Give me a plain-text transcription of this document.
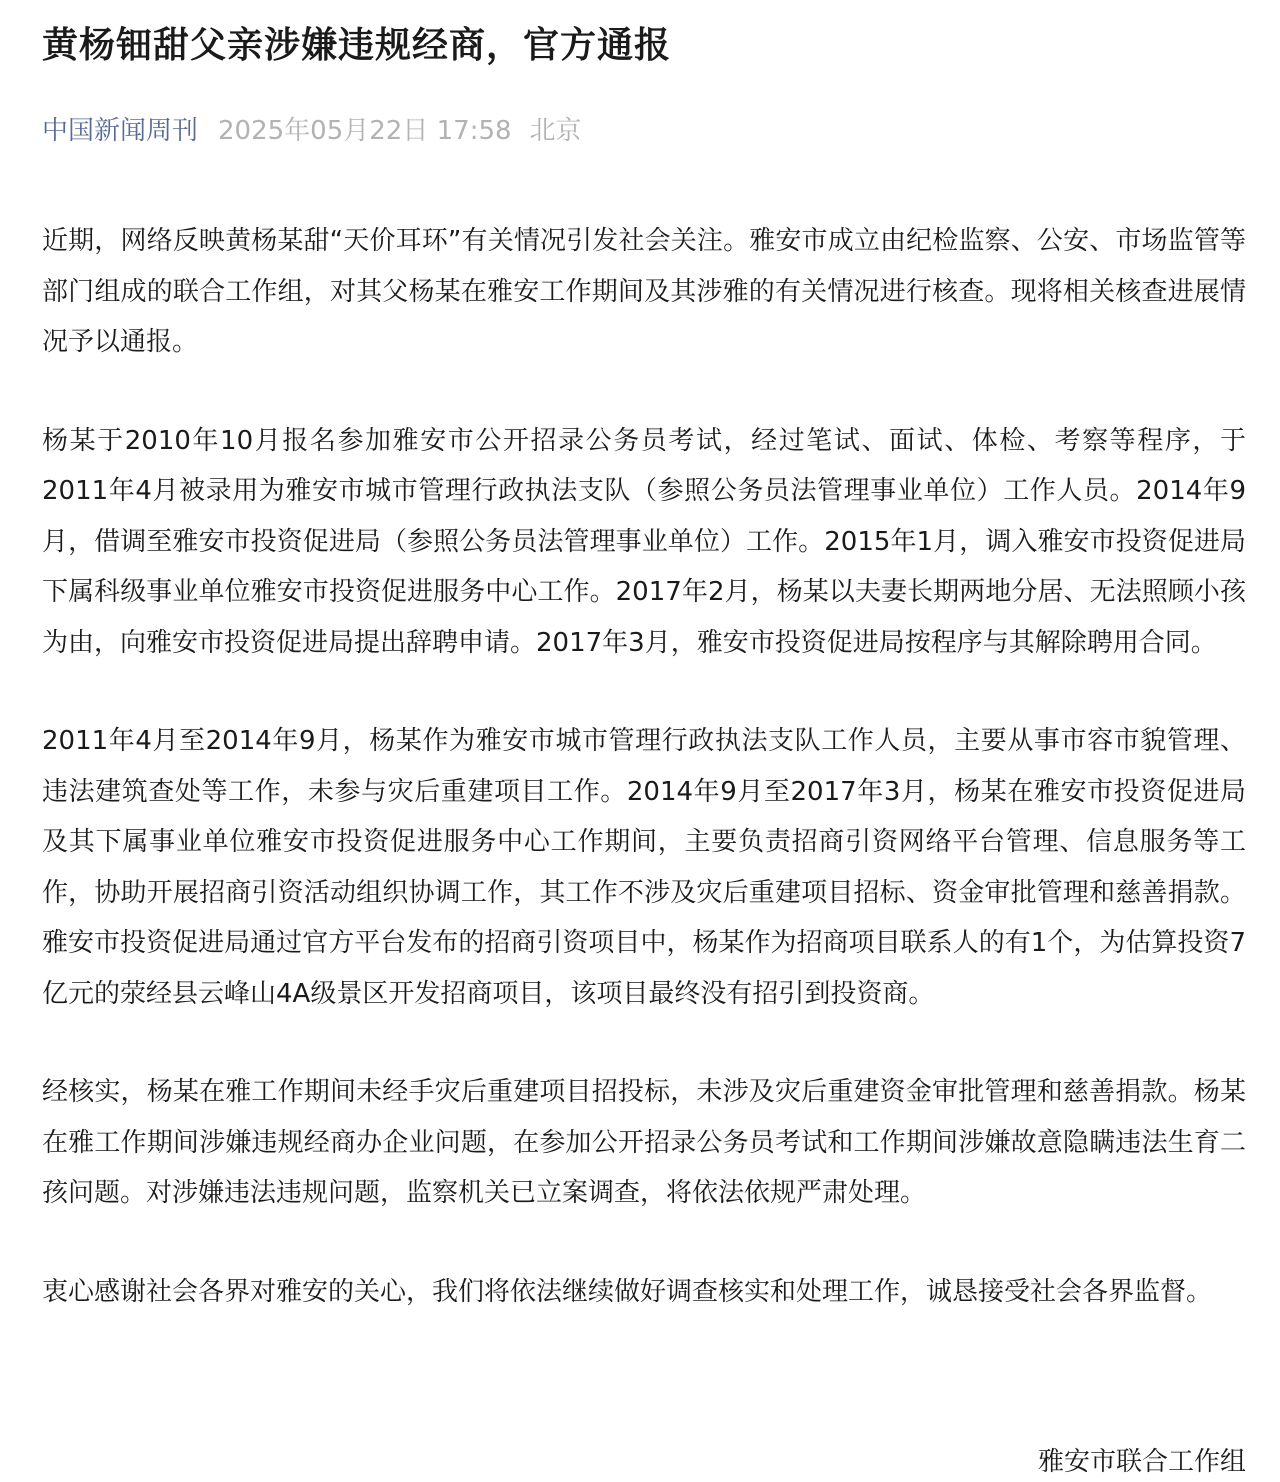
黄杨钿甜父亲涉嫌违规经商，官方通报
中国新闻周刊 2025年05月22日 17:58 北京

近期，网络反映黄杨某甜“天价耳环”有关情况引发社会关注。雅安市成立由纪检监察、公安、市场监管等部门组成的联合工作组，对其父杨某在雅安工作期间及其涉雅的有关情况进行核查。现将相关核查进展情况予以通报。

杨某于2010年10月报名参加雅安市公开招录公务员考试，经过笔试、面试、体检、考察等程序，于2011年4月被录用为雅安市城市管理行政执法支队（参照公务员法管理事业单位）工作人员。2014年9月，借调至雅安市投资促进局（参照公务员法管理事业单位）工作。2015年1月，调入雅安市投资促进局下属科级事业单位雅安市投资促进服务中心工作。2017年2月，杨某以夫妻长期两地分居、无法照顾小孩为由，向雅安市投资促进局提出辞聘申请。2017年3月，雅安市投资促进局按程序与其解除聘用合同。

2011年4月至2014年9月，杨某作为雅安市城市管理行政执法支队工作人员，主要从事市容市貌管理、违法建筑查处等工作，未参与灾后重建项目工作。2014年9月至2017年3月，杨某在雅安市投资促进局及其下属事业单位雅安市投资促进服务中心工作期间，主要负责招商引资网络平台管理、信息服务等工作，协助开展招商引资活动组织协调工作，其工作不涉及灾后重建项目招标、资金审批管理和慈善捐款。雅安市投资促进局通过官方平台发布的招商引资项目中，杨某作为招商项目联系人的有1个，为估算投资7亿元的荥经县云峰山4A级景区开发招商项目，该项目最终没有招引到投资商。

经核实，杨某在雅工作期间未经手灾后重建项目招投标，未涉及灾后重建资金审批管理和慈善捐款。杨某在雅工作期间涉嫌违规经商办企业问题，在参加公开招录公务员考试和工作期间涉嫌故意隐瞒违法生育二孩问题。对涉嫌违法违规问题，监察机关已立案调查，将依法依规严肃处理。

衷心感谢社会各界对雅安的关心，我们将依法继续做好调查核实和处理工作，诚恳接受社会各界监督。

雅安市联合工作组
